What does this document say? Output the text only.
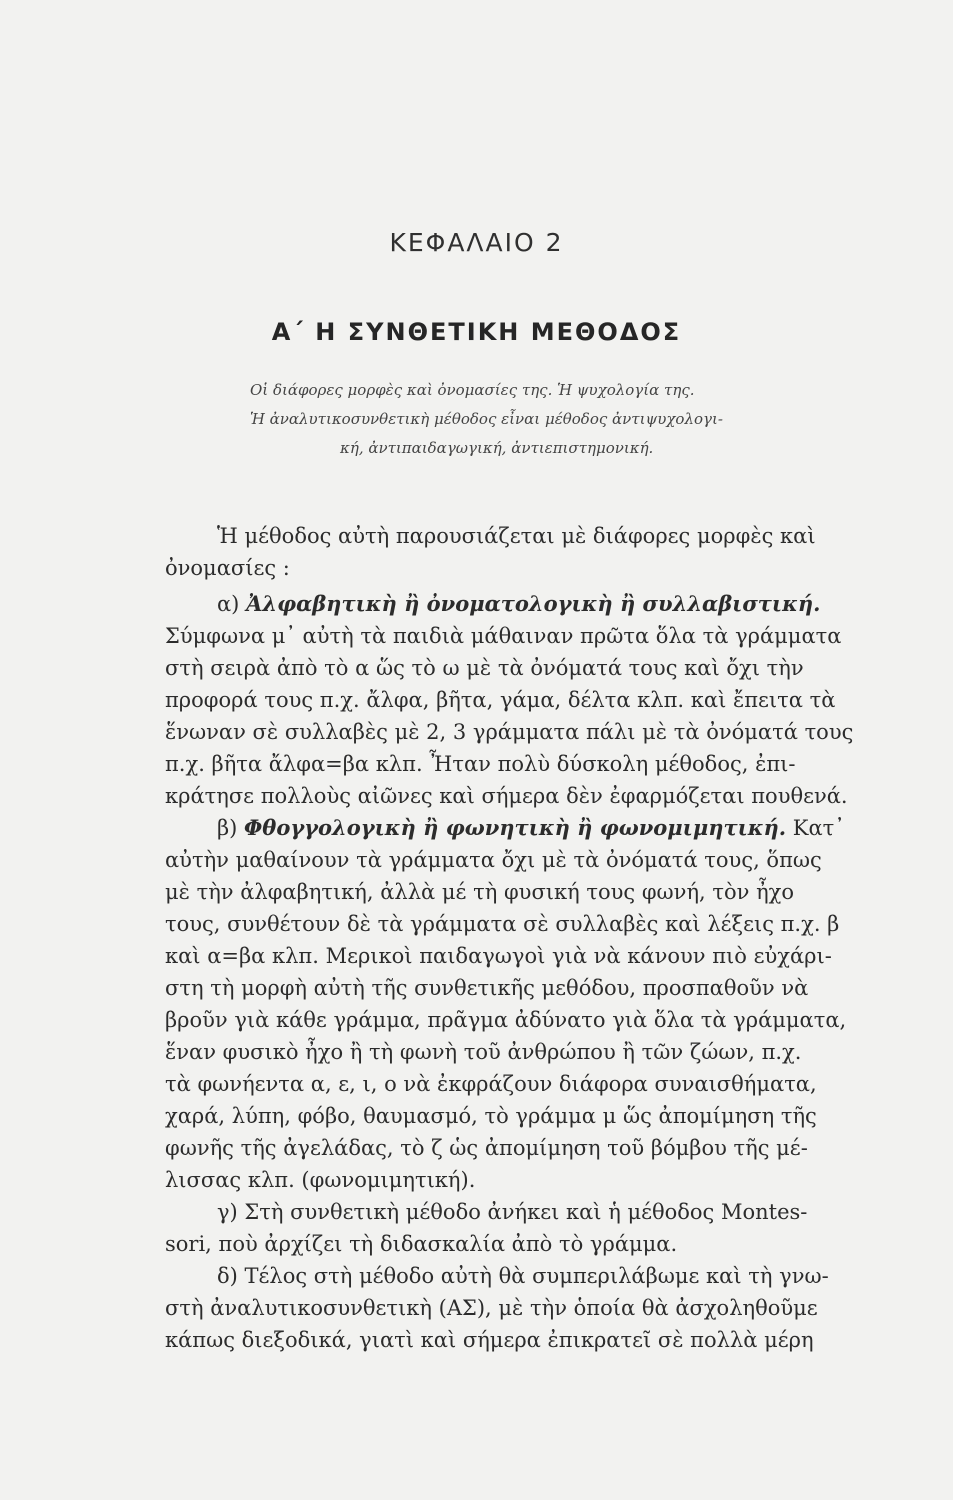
ΚΕΦΑΛΑΙΟ 2
Α΄ Η ΣΥΝΘΕΤΙΚΗ ΜΕΘΟΔΟΣ
Οἱ διάφορες μορφὲς καὶ ὀνομασίες της. Ἡ ψυχολογία της.
Ἡ ἀναλυτικοσυνθετικὴ μέθοδος εἶναι μέθοδος ἀντιψυχολογι-
κή, ἀντιπαιδαγωγική, ἀντιεπιστημονική.
Ἡ μέθοδος αὐτὴ παρουσιάζεται μὲ διάφορες μορφὲς καὶ
ὀνομασίες :
α) Ἀλφαβητικὴ ἢ ὀνοματολογικὴ ἢ συλλαβιστική.
Σύμφωνα μ᾽ αὐτὴ τὰ παιδιὰ μάθαιναν πρῶτα ὅλα τὰ γράμματα
στὴ σειρὰ ἀπὸ τὸ α ὥς τὸ ω μὲ τὰ ὀνόματά τους καὶ ὄχι τὴν
προφορά τους π.χ. ἄλφα, βῆτα, γάμα, δέλτα κλπ. καὶ ἔπειτα τὰ
ἕνωναν σὲ συλλαβὲς μὲ 2, 3 γράμματα πάλι μὲ τὰ ὀνόματά τους
π.χ. βῆτα ἄλφα=βα κλπ. Ἦταν πολὺ δύσκολη μέθοδος, ἐπι-
κράτησε πολλοὺς αἰῶνες καὶ σήμερα δὲν ἐφαρμόζεται πουθενά.
β) Φθογγολογικὴ ἢ φωνητικὴ ἢ φωνομιμητική. Κατ᾽
αὐτὴν μαθαίνουν τὰ γράμματα ὄχι μὲ τὰ ὀνόματά τους, ὅπως
μὲ τὴν ἀλφαβητική, ἀλλὰ μέ τὴ φυσική τους φωνή, τὸν ἦχο
τους, συνθέτουν δὲ τὰ γράμματα σὲ συλλαβὲς καὶ λέξεις π.χ. β
καὶ α=βα κλπ. Μερικοὶ παιδαγωγοὶ γιὰ νὰ κάνουν πιὸ εὐχάρι-
στη τὴ μορφὴ αὐτὴ τῆς συνθετικῆς μεθόδου, προσπαθοῦν νὰ
βροῦν γιὰ κάθε γράμμα, πρᾶγμα ἀδύνατο γιὰ ὅλα τὰ γράμματα,
ἕναν φυσικὸ ἦχο ἢ τὴ φωνὴ τοῦ ἀνθρώπου ἢ τῶν ζώων, π.χ.
τὰ φωνήεντα α, ε, ι, ο νὰ ἐκφράζουν διάφορα συναισθήματα,
χαρά, λύπη, φόβο, θαυμασμό, τὸ γράμμα μ ὥς ἀπομίμηση τῆς
φωνῆς τῆς ἀγελάδας, τὸ ζ ὡς ἀπομίμηση τοῦ βόμβου τῆς μέ-
λισσας κλπ. (φωνομιμητική).
γ) Στὴ συνθετικὴ μέθοδο ἀνήκει καὶ ἡ μέθοδος Montes-
sori, ποὺ ἀρχίζει τὴ διδασκαλία ἀπὸ τὸ γράμμα.
δ) Τέλος στὴ μέθοδο αὐτὴ θὰ συμπεριλάβωμε καὶ τὴ γνω-
στὴ ἀναλυτικοσυνθετικὴ (ΑΣ), μὲ τὴν ὁποία θὰ ἀσχοληθοῦμε
κάπως διεξοδικά, γιατὶ καὶ σήμερα ἐπικρατεῖ σὲ πολλὰ μέρη
